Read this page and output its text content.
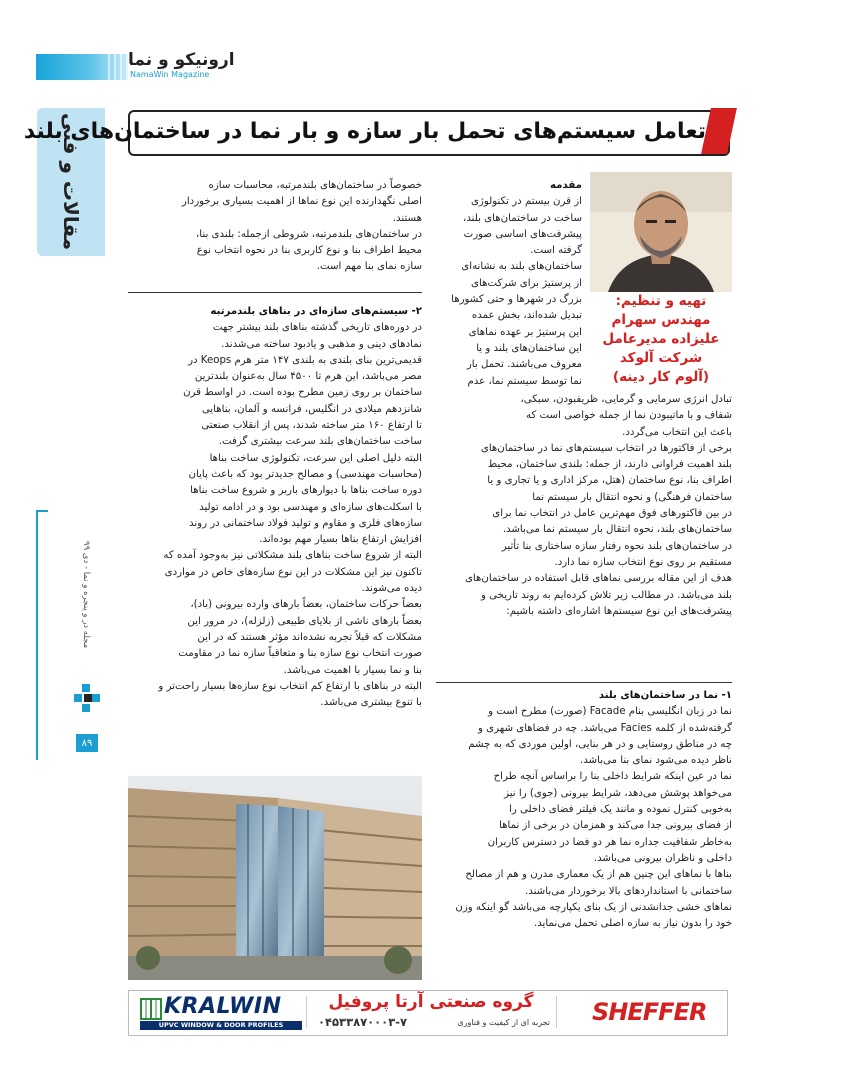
ارونیکو و نما
NamaWin Magazine
مقالات و فنی
مجله در و پنجره و نما - دی ۹۹
۸۹
تعامل سیستم‌های تحمل بار سازه و بار نما در ساختمان‌های بلند
تهیه و تنظیم:
مهندس سهرام
علیزاده مدیرعامل
شرکت آلوکد
(آلوم کار دینه)

مقدمه

از قرن بیستم در تکنولوژی

ساخت در ساختمان‌های بلند،

پیشرفت‌های اساسی صورت

گرفته است.

ساختمان‌های بلند به نشانه‌ای

از پرستیژ برای شرکت‌های

بزرگ در شهرها و حتی کشورها

تبدیل شده‌اند، بخش عمده

این پرستیژ بر عهده نماهای

این ساختمان‌های بلند و یا

معروف می‌باشند. تحمل بار

نما توسط سیستم نما، عدم

تبادل انرژی سرمایی و گرمایی، ظریفبودن، سبکی،

شفاف و با ماتیبودن نما از جمله خواصی است که

باعث این انتخاب می‌گردد.

برخی از فاکتورها در انتخاب سیستم‌های نما در ساختمان‌های

بلند اهمیت فراوانی دارند، از جمله: بلندی ساختمان، محیط

اطراف بنا، نوع ساختمان (هتل، مرکز اداری و یا تجاری و یا

ساختمان فرهنگی) و نحوه انتقال بار سیستم نما

در بین فاکتورهای فوق مهم‌ترین عامل در انتخاب نما برای

ساختمان‌های بلند، نحوه انتقال بار سیستم نما می‌باشد.

در ساختمان‌های بلند نحوه رفتار سازه ساختاری بنا تأثیر

مستقیم بر روی نوع انتخاب سازه نما دارد.

هدف از این مقاله بررسی نماهای قابل استفاده در ساختمان‌های

بلند می‌باشد. در مطالب زیر تلاش کرده‌ایم به روند تاریخی و

پیشرفت‌های این نوع سیستم‌ها اشاره‌ای داشته باشیم:

۱- نما در ساختمان‌های بلند

نما در زبان انگلیسی بنام Facade (صورت) مطرح است و

گرفته‌شده از کلمه Facies می‌باشد. چه در فضاهای شهری و

چه در مناطق روستایی و در هر بنایی، اولین موردی که به چشم

ناظر دیده می‌شود نمای بنا می‌باشد.

نما در عین اینکه شرایط داخلی بنا را براساس آنچه طراح

می‌خواهد پوشش می‌دهد، شرایط بیرونی (جوی) را نیز

به‌خوبی کنترل نموده و مانند یک فیلتر فضای داخلی را

از فضای بیرونی جدا می‌کند و همزمان در برخی از نماها

به‌خاطر شفافیت جداره نما هر دو فضا در دسترس کاربران

داخلی و ناظران بیرونی می‌باشد.

بناها با نماهای این چنین هم از یک معماری مدرن و هم از مصالح

ساختمانی با استانداردهای بالا برخوردار می‌باشند.

نماهای خشی جدانشدنی از یک بنای یکپارچه می‌باشد گو اینکه وزن

خود را بدون نیاز به سازه اصلی تحمل می‌نماید.

خصوصاً در ساختمان‌های بلندمرتبه، محاسبات سازه

اصلی نگهدارنده این نوع نماها از اهمیت بسیاری برخوردار

هستند.

در ساختمان‌های بلندمرتبه، شروطی ازجمله: بلندی بنا،

محیط اطراف بنا و نوع کاربری بنا در نحوه انتخاب نوع

سازه نمای بنا مهم است.

۲- سیستم‌های سازه‌ای در بناهای بلندمرتبه

در دوره‌های تاریخی گذشته بناهای بلند بیشتر جهت

نمادهای دینی و مذهبی و یادبود ساخته می‌شدند.

قدیمی‌ترین بنای بلندی به بلندی ۱۴۷ متر هرم Keops در

مصر می‌باشد، این هرم تا ۴۵۰۰ سال به‌عنوان بلندترین

ساختمان بر روی زمین مطرح بوده است. در اواسط قرن

شانزدهم میلادی در انگلیس، فرانسه و آلمان، بناهایی

تا ارتفاع ۱۶۰ متر ساخته شدند، پس از انقلاب صنعتی

ساخت ساختمان‌های بلند سرعت بیشتری گرفت.

البته دلیل اصلی این سرعت، تکنولوژی ساخت بناها

(محاسبات مهندسی) و مصالح جدیدتر بود که باعث پایان

دوره ساخت بناها با دیوارهای باربر و شروع ساخت بناها

با اسکلت‌های سازه‌ای و مهندسی بود و در ادامه تولید

سازه‌های فلزی و مقاوم و تولید فولاد ساختمانی در روند

افزایش ارتفاع بناها بسیار مهم بوده‌اند.

البته از شروع ساخت بناهای بلند مشکلاتی نیز به‌وجود آمده که

تاکنون نیز این مشکلات در این نوع سازه‌های خاص در مواردی

دیده می‌شوند.

بعضاً حرکات ساختمان، بعضاً بارهای وارده بیرونی (باد)،

بعضاً بارهای ناشی از بلایای طبیعی (زلزله)، در مرور این

مشکلات که قبلاً تجربه نشده‌اند مؤثر هستند که در این

صورت انتخاب نوع سازه بنا و متعاقباً سازه نما در مقاومت

بنا و نما بسیار با اهمیت می‌باشد.

البته در بناهای با ارتفاع کم انتخاب نوع سازه‌ها بسیار راحت‌تر و

با تنوع بیشتری می‌باشد.

KRALWIN
UPVC WINDOW & DOOR PROFILES
گروه صنعتی آرتا پروفیل
۰۴۵۳۳۸۷۰۰۰۳-۷	تجربه ای از کیفیت و فناوری SHEFFER
